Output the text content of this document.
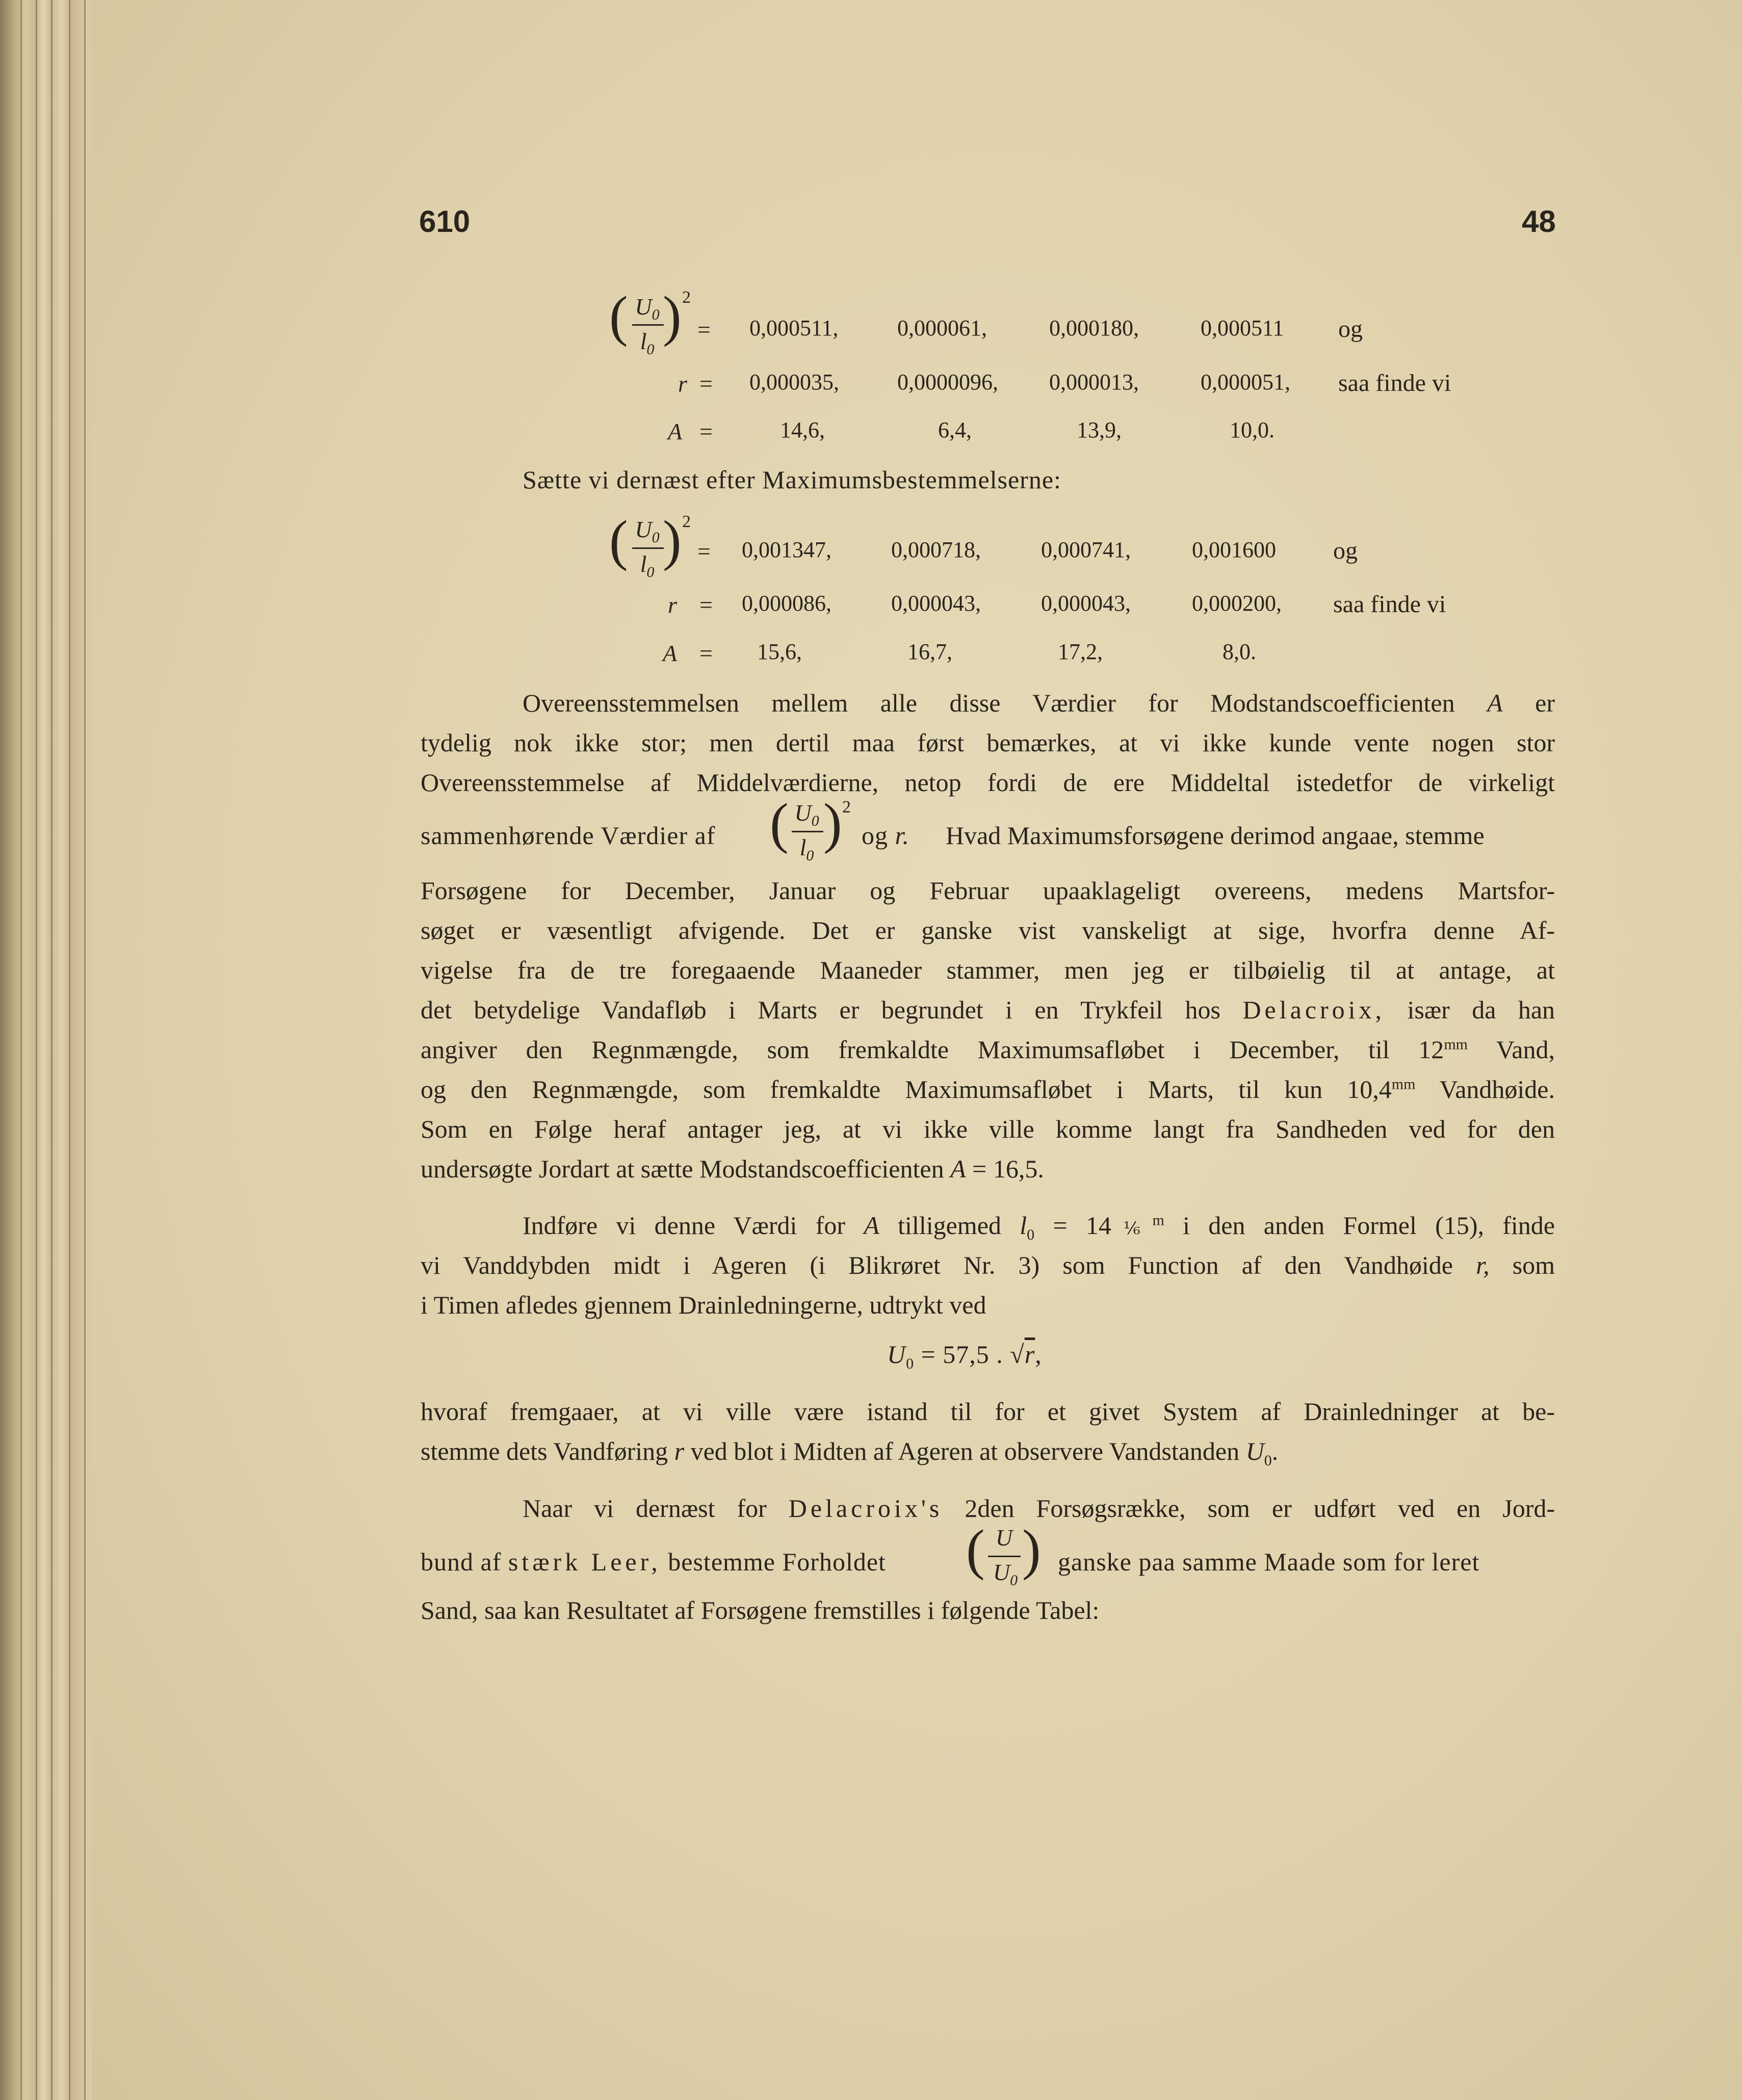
610	48
( $U_0$
$l_0$
) 2
= 0,000511,	0,000061,	0,000180,	0,000511 og
r = 0,000035,	0,0000096, 0,000013,	0,000051, saa finde vi
A =	14,6,	6,4,	13,9,	10,0.
Sætte vi dernæst efter Maximumsbestemmelserne:
( $U_0$
$l_0$
) 2
= 0,001347,	0,000718,	0,000741,	0,001600 og
r = 0,000086,	0,000043,	0,000043,	0,000200, saa finde vi
A = 15,6,	16,7,	17,2,	8,0.
Overeensstemmelsen mellem alle disse Værdier for Modstandscoefficienten A er
tydelig nok ikke stor; men dertil maa først bemærkes, at vi ikke kunde vente nogen stor
Overeensstemmelse af Middelværdierne, netop fordi de ere Middeltal istedetfor de virkeligt
sammenhørende Værdier af ( $U_0$
$l_0$
) 2
og r. Hvad Maximumsforsøgene derimod angaae, stemme
Forsøgene for December, Januar og Februar upaaklageligt overeens, medens Martsfor-
søget er væsentligt afvigende. Det er ganske vist vanskeligt at sige, hvorfra denne Af-
vigelse fra de tre foregaaende Maaneder stammer, men jeg er tilbøielig til at antage, at
det betydelige Vandafløb i Marts er begrundet i en Trykfeil hos Delacroix, især da han
angiver den Regnmængde, som fremkaldte Maximumsafløbet i December, til $12^{mm}$ Vand,
og den Regnmængde, som fremkaldte Maximumsafløbet i Marts, til kun $10,4^{mm}$ Vandhøide.
Som en Følge heraf antager jeg, at vi ikke ville komme langt fra Sandheden ved for den
undersøgte Jordart at sætte Modstandscoefficienten A = 16,5.
Indføre vi denne Værdi for A tilligemed $l_0$ = 14⅙$^m$ i den anden Formel (15), finde
vi Vanddybden midt i Ageren (i Blikrøret Nr. 3) som Function af den Vandhøide r, som
i Timen afledes gjennem Drainledningerne, udtrykt ved
$U_0 = 57,5$ . √r,
hvoraf fremgaaer, at vi ville være istand til for et givet System af Drainledninger at be-
stemme dets Vandføring r ved blot i Midten af Ageren at observere Vandstanden $U_0$.
Naar vi dernæst for Delacroix's 2den Forsøgsrække, som er udført ved en Jord-
bund af stærk Leer, bestemme Forholdet ( U
$U_0$ ) ganske paa samme Maade som for leret
Sand, saa kan Resultatet af Forsøgene fremstilles i følgende Tabel:
